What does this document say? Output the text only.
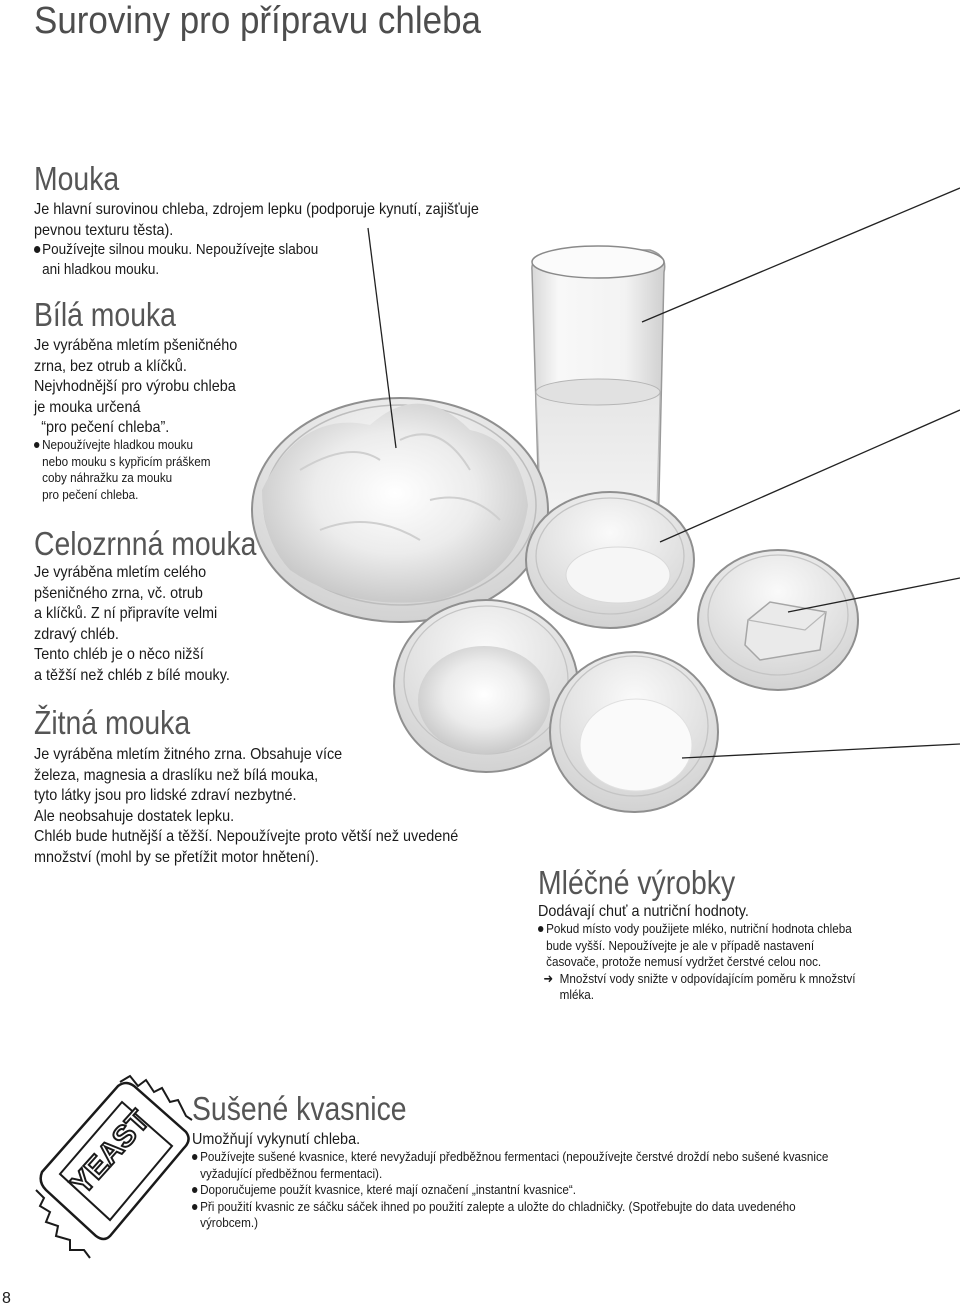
Suroviny pro přípravu chleba
YEAST
Mouka
Je hlavní surovinou chleba, zdrojem lepku (podporuje kynutí, zajišťuje
pevnou texturu těsta).
Používejte silnou mouku. Nepoužívejte slabou
ani hladkou mouku.
Bílá mouka
Je vyráběna mletím pšeničného
zrna, bez otrub a klíčků.
Nejvhodnější pro výrobu chleba
je mouka určená
“pro pečení chleba”.
Nepoužívejte hladkou mouku
nebo mouku s kypřicím práškem
coby náhražku za mouku
pro pečení chleba.
Celozrnná mouka
Je vyráběna mletím celého
pšeničného zrna, vč. otrub
a klíčků. Z ní připravíte velmi
zdravý chléb.
Tento chléb je o něco nižší
a těžší než chléb z bílé mouky.
Žitná mouka
Je vyráběna mletím žitného zrna. Obsahuje více
železa, magnesia a draslíku než bílá mouka,
tyto látky jsou pro lidské zdraví nezbytné.
Ale neobsahuje dostatek lepku.
Chléb bude hutnější a těžší. Nepoužívejte proto větší než uvedené
množství (mohl by se přetížit motor hnětení).
Mléčné výrobky
Dodávají chuť a nutriční hodnoty.
Pokud místo vody použijete mléko, nutriční hodnota chleba
bude vyšší. Nepoužívejte je ale v případě nastavení
časovače, protože nemusí vydržet čerstvé celou noc.
➜ Množství vody snižte v odpovídajícím poměru k množství
mléka.
Sušené kvasnice
Umožňují vykynutí chleba.
Používejte sušené kvasnice, které nevyžadují předběžnou fermentaci (nepoužívejte čerstvé droždí nebo sušené kvasnice
vyžadující předběžnou fermentaci).
Doporučujeme použít kvasnice, které mají označení „instantní kvasnice“.
Při použití kvasnic ze sáčku sáček ihned po použití zalepte a uložte do chladničky. (Spotřebujte do data uvedeného
výrobcem.)
8
